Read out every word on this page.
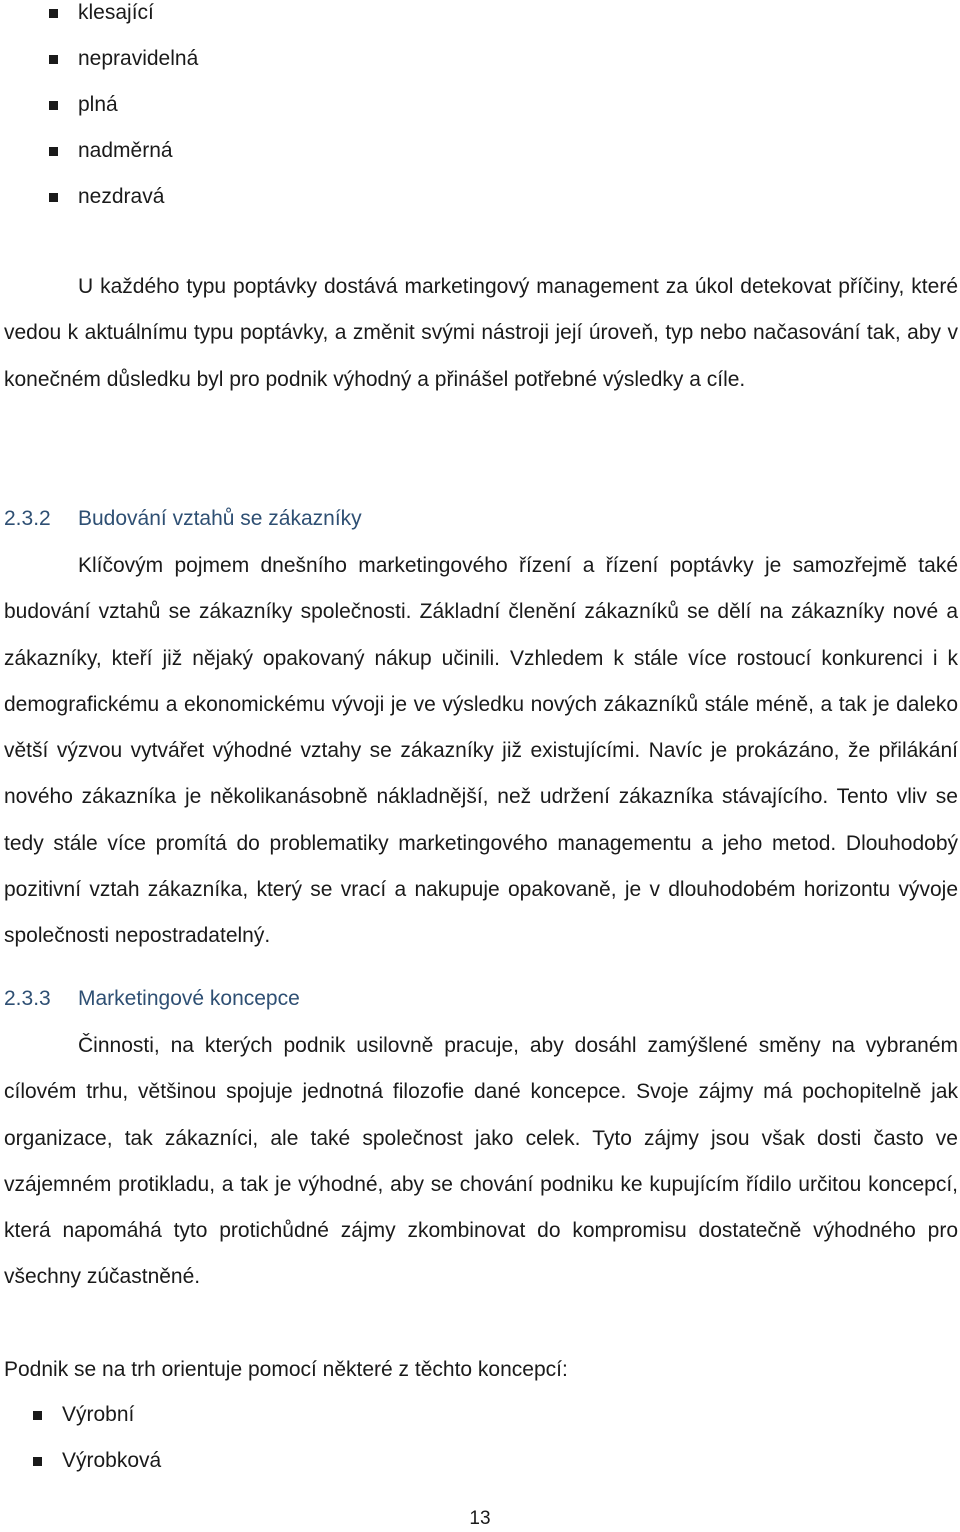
klesající
nepravidelná
plná
nadměrná
nezdravá

U každého typu poptávky dostává marketingový management za úkol detekovat příčiny, které vedou k aktuálnímu typu poptávky, a změnit svými nástroji její úroveň, typ nebo načasování tak, aby v konečném důsledku byl pro podnik výhodný a přinášel potřebné výsledky a cíle.

2.3.2 Budování vztahů se zákazníky

Klíčovým pojmem dnešního marketingového řízení a řízení poptávky je samozřejmě také budování vztahů se zákazníky společnosti. Základní členění zákazníků se dělí na zákazníky nové a zákazníky, kteří již nějaký opakovaný nákup učinili. Vzhledem k stále více rostoucí konkurenci i k demografickému a ekonomickému vývoji je ve výsledku nových zákazníků stále méně, a tak je daleko větší výzvou vytvářet výhodné vztahy se zákazníky již existujícími. Navíc je prokázáno, že přilákání nového zákazníka je několikanásobně nákladnější, než udržení zákazníka stávajícího. Tento vliv se tedy stále více promítá do problematiky marketingového managementu a jeho metod. Dlouhodobý pozitivní vztah zákazníka, který se vrací a nakupuje opakovaně, je v dlouhodobém horizontu vývoje společnosti nepostradatelný.

2.3.3 Marketingové koncepce

Činnosti, na kterých podnik usilovně pracuje, aby dosáhl zamýšlené směny na vybraném cílovém trhu, většinou spojuje jednotná filozofie dané koncepce. Svoje zájmy má pochopitelně jak organizace, tak zákazníci, ale také společnost jako celek. Tyto zájmy jsou však dosti často ve vzájemném protikladu, a tak je výhodné, aby se chování podniku ke kupujícím řídilo určitou koncepcí, která napomáhá tyto protichůdné zájmy zkombinovat do kompromisu dostatečně výhodného pro všechny zúčastněné.

Podnik se na trh orientuje pomocí některé z těchto koncepcí:

Výrobní
Výrobková
13
